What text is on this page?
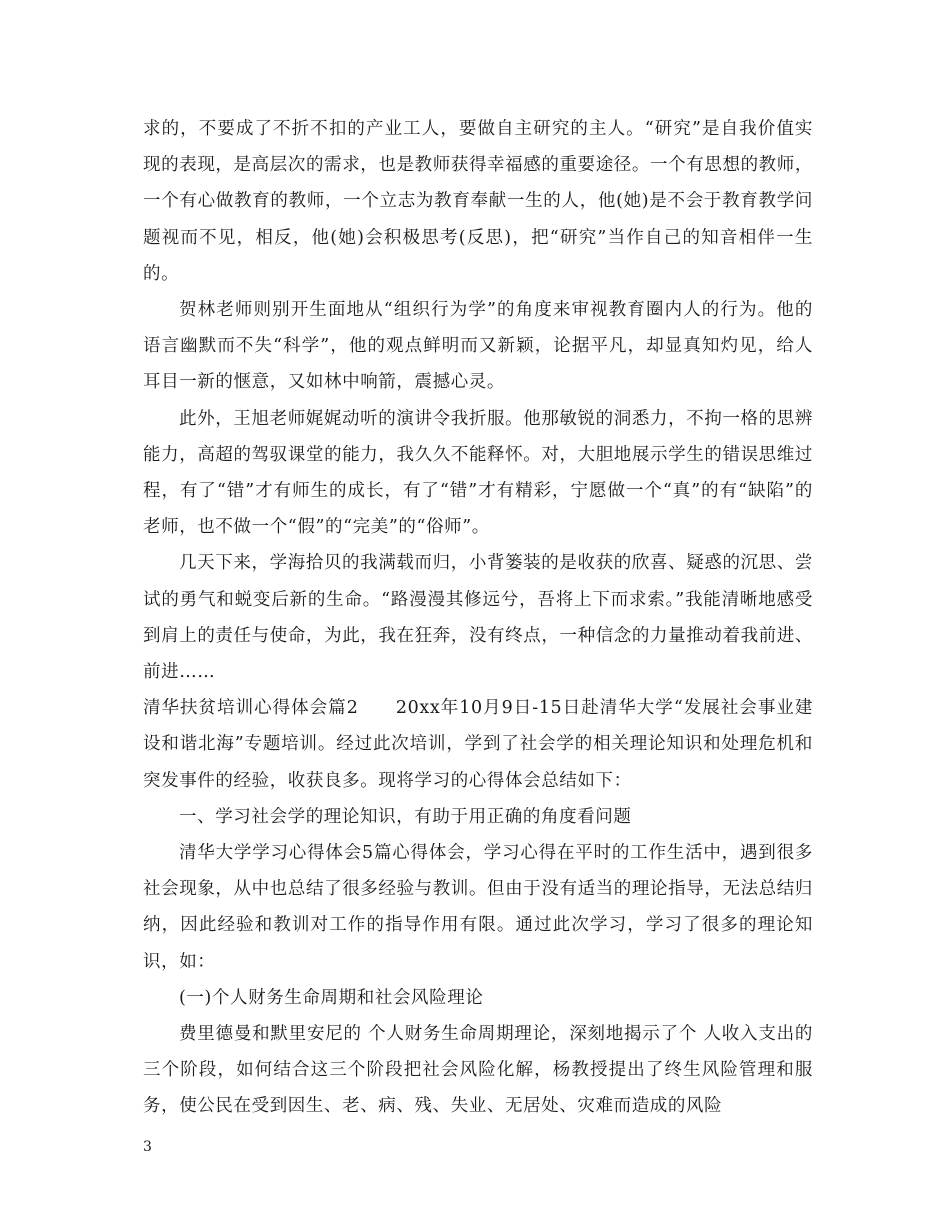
求的，不要成了不折不扣的产业工人，要做自主研究的主人。“研究”是自我价值实现的表现，是高层次的需求，也是教师获得幸福感的重要途径。一个有思想的教师，一个有心做教育的教师，一个立志为教育奉献一生的人，他(她)是不会于教育教学问题视而不见，相反，他(她)会积极思考(反思)，把“研究”当作自己的知音相伴一生的。

贺林老师则别开生面地从“组织行为学”的角度来审视教育圈内人的行为。他的语言幽默而不失“科学”，他的观点鲜明而又新颖，论据平凡，却显真知灼见，给人耳目一新的惬意，又如林中响箭，震撼心灵。

此外，王旭老师娓娓动听的演讲令我折服。他那敏锐的洞悉力，不拘一格的思辨能力，高超的驾驭课堂的能力，我久久不能释怀。对，大胆地展示学生的错误思维过程，有了“错”才有师生的成长，有了“错”才有精彩，宁愿做一个“真”的有“缺陷”的老师，也不做一个“假”的“完美”的“俗师”。

几天下来，学海拾贝的我满载而归，小背篓装的是收获的欣喜、疑惑的沉思、尝试的勇气和蜕变后新的生命。“路漫漫其修远兮，吾将上下而求索。”我能清晰地感受到肩上的责任与使命，为此，我在狂奔，没有终点，一种信念的力量推动着我前进、前进……

清华扶贫培训心得体会篇2　　20xx年10月9日-15日赴清华大学“发展社会事业建设和谐北海”专题培训。经过此次培训，学到了社会学的相关理论知识和处理危机和突发事件的经验，收获良多。现将学习的心得体会总结如下：

一、学习社会学的理论知识，有助于用正确的角度看问题

清华大学学习心得体会5篇心得体会，学习心得在平时的工作生活中，遇到很多社会现象，从中也总结了很多经验与教训。但由于没有适当的理论指导，无法总结归纳，因此经验和教训对工作的指导作用有限。通过此次学习，学习了很多的理论知识，如：

(一)个人财务生命周期和社会风险理论

费里德曼和默里安尼的 个人财务生命周期理论，深刻地揭示了个 人收入支出的三个阶段，如何结合这三个阶段把社会风险化解，杨教授提出了终生风险管理和服务，使公民在受到因生、老、病、残、失业、无居处、灾难而造成的风险

3
